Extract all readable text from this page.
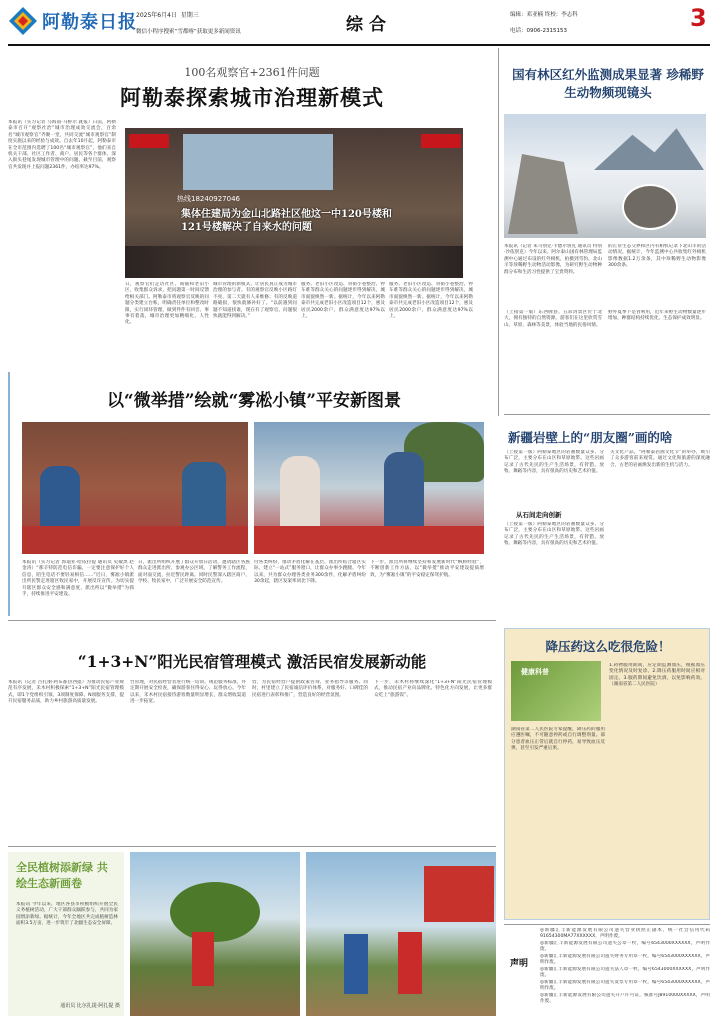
阿勒泰日报 2025年6月4日 星期三
微信小程序搜索“雪都喀”获取更多新闻资讯	综合	编辑：邓亚楠 终校：李志科
电话：0906-2315153	3
100名观察官+2361件问题
阿勒泰探索城市治理新模式
本报讯（实习记者 马海南·马桥尔 就报）日前，阿勒泰市召开“观察社治”城市治理成效交流会，百余名“城市观察官”齐聚一堂，共同交流“城市观察官”制度实施以来的经验与成效。自去年10月起，阿勒泰市在全市范围内选聘了100名“城市观察官”，他们来自机关干部、社区工作者、商户、居民等各个群体，深入街头巷尾发现城市管理中的问题。截至目前，观察官共发现并上报问题2361件，办结率达97%。
热线18240927046
集体住建局为金山北路社区他这一中120号楼和121号楼解决了自来水的问题
日，观察官们走访社区、商铺和老旧小区，收集群众诉求，把问题第一时间反馈给相关部门。阿勒泰市将观察官反映的问题分类建立台账，明确责任单位和整改时限，实行闭环管理，做到件件有回音、事事有着落，城市治理更加精细化、人性化。
城市管理的新模式，让居民真正成为城市治理的参与者。有的观察官反映小区路灯不亮，第二天就有人来维修；有的反映道路破损，很快就修补好了。“以前遇到问题不知道找谁，现在有了观察官，问题很快就能得到解决。”
服务。老旧小区改造、背街小巷整治、停车难等群众关心的问题逐步得到解决，城市面貌焕然一新。据统计，今年以来阿勒泰市共完成老旧小区改造项目12个，惠及居民2000余户，群众满意度达97%以上。
服务。老旧小区改造、背街小巷整治、停车难等群众关心的问题逐步得到解决，城市面貌焕然一新。据统计，今年以来阿勒泰市共完成老旧小区改造项目12个，惠及居民2000余户，群众满意度达97%以上。
国有林区红外监测成果显著 珍稀野生动物频现镜头
本报讯（记者 朱马别克·卡德尔别克 通讯员 特别·沙依别克）今年以来，阿尔泰山国有林管理局监测中心通过布设的红外相机，拍摄到雪豹、北山羊等珍稀野生动物活动影像，为研究野生动物种群分布和生活习性提供了宝贵资料。
的正常生态交界和区内有相机记录下北山羊的活动情况。据统计，今年监测中心共收集红外相机影像数据1.2万余条，其中珍稀野生动物影像300余条。
（上接第一版）东西牌县、五彩湾景区位于北大，拥有独特的自然资源，游客们在这里欣赏雪山、草原、森林等美景，体验当地的民俗风情。
野外夏季下是食利用，近年来野生动物数量逐步增加，种群结构持续优化，生态保护成效明显。
以“微举措”绘就“雾凇小镇”平安新图景
本报讯（实习记者 郭迪亚·哈依拉提 通讯员 史敏黑 赵金涛）“那辛特防范电信诈骗，一定要注意保护好个人信息，陌生电话不要轻易相信……”近日，雾凇小镇派出所民警走进辖区牧民家中，开展反诈宣传。为切实提升辖区群众安全感和满意度，派出所以“微举措”为抓手，持续推进平安建设。
日，派出所组织开展了群众开放日活动，邀请辖区各族群众走进派出所，参观办公区域，了解警务工作流程，面对面交流，拉近警民距离。同时民警深入辖区商户、学校、牧民家中，广泛开展安全防范宣传。
付各类纠纷，推动矛盾化解在基层。派出所结合辖区实际，建立“一站式”服务窗口，让群众办事少跑腿。今年以来，共为群众办理各类业务300余件，化解矛盾纠纷30余起，辖区发案率同比下降。
下一步，派出所将继续坚持和发展新时代“枫桥经验”，不断创新工作方法，以“微举措”推动平安建设提质增效，为“雾凇小镇”的平安稳定保驾护航。
新疆岩壁上的“朋友圈”画的啥
（上接第一版）阿勒泰地区的岩画数量众多、分布广泛，主要分布在山区和草原地带。这些岩画记录了古代先民的生产生活场景，有狩猎、放牧、舞蹈等内容，具有很高的历史和艺术价值。
从石间走向创新
（上接第一版）阿勒泰地区的岩画数量众多、分布广泛，主要分布在山区和草原地带。这些岩画记录了古代先民的生产生活场景，有狩猎、放牧、舞蹈等内容，具有很高的历史和艺术价值。
关文化产品。“阿勒泰岩画文化节”的举办，吸引了众多游客前来观赏。通过文化和旅游的深度融合，古老的岩画焕发出新的生机与活力。
“1+3+N”阳光民宿管理模式 激活民宿发展新动能
本报讯（记者 古扎丽·阿布都热西提）为推动民宿产业规范有序发展，禾木村积极探索“1+3+N”阳光民宿管理模式，即1个党组织引领、3项制度保障、N项服务支撑，提升民宿服务品质，助力乡村旅游高质量发展。
台管理，对民宿经营者进行统一培训，规范服务标准，并定期开展安全检查，确保游客住得安心、玩得放心。今年以来，禾木村民宿接待游客数量明显增长，群众增收渠道进一步拓宽。
营，为民宿经营户提供政策咨询、业务指导等服务。同时，村里建立了民宿诚信评价体系，对服务好、口碑佳的民宿进行表彰和推广，营造良好的经营氛围。
下一步，禾木村将继续深化“1+3+N”阳光民宿管理模式，推动民宿产业向品牌化、特色化方向发展，让更多群众吃上“旅游饭”。
降压药这么吃很危险！
健康科普
湖南省第二人民医院专家提醒，降压药的服用应遵医嘱，不可随意停药或自行调整剂量。部分患者血压正常后就自行停药，易导致血压反弹，甚至引发严重后果。
1.药物服用期间，应定期监测血压，根据血压变化情况及时复诊。2.降压药服用时间应相对固定。3.服药期间避免饮酒，以免影响药效。（湖南省第二人民医院）
全民植树添新绿 共绘生态新画卷
本报讯 今年以来，地区各县市积极组织开展全民义务植树活动，广大干部群众踊跃参与，共同为家园增添新绿。据统计，今年全地区共完成植树造林面积3.5万亩，进一步筑牢了北疆生态安全屏障。
通讯员 比尔扎提·阿扎提 摄
声明
◎新疆汇丰新能源发展有限公司遗失营业执照正副本，统一社会信用代码91654300MA77XXXXXX，声明作废。
◎新疆汇丰新能源发展有限公司遗失公章一枚，编号6543000XXXXXX，声明作废。
◎新疆汇丰新能源发展有限公司遗失财务专用章一枚，编号6543000XXXXXX，声明作废。
◎新疆汇丰新能源发展有限公司遗失法人章一枚，编号6543000XXXXXX，声明作废。
◎新疆汇丰新能源发展有限公司遗失发票专用章一枚，编号6543000XXXXXX，声明作废。
◎新疆汇丰新能源发展有限公司遗失开户许可证，核准号J8910000XXXXX，声明作废。
